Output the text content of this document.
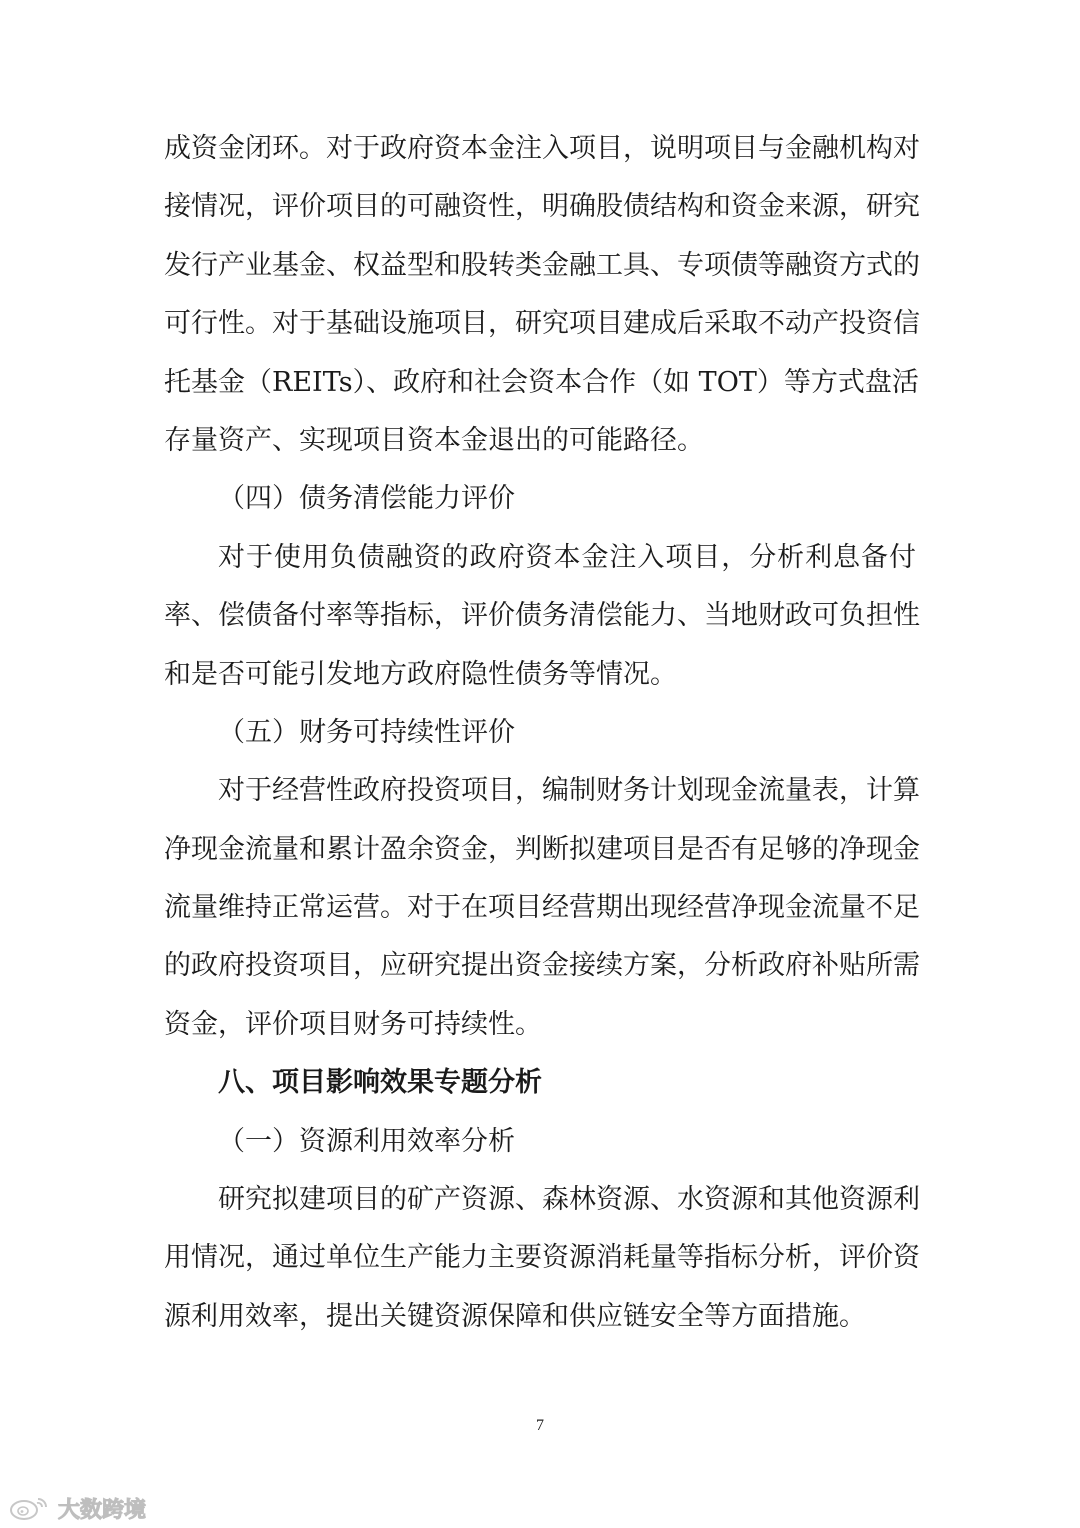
成资金闭环。对于政府资本金注入项目，说明项目与金融机构对
接情况，评价项目的可融资性，明确股债结构和资金来源，研究
发行产业基金、权益型和股转类金融工具、专项债等融资方式的
可行性。对于基础设施项目，研究项目建成后采取不动产投资信
托基金（REITs）、政府和社会资本合作（如 TOT）等方式盘活
存量资产、实现项目资本金退出的可能路径。
（四）债务清偿能力评价
对于使用负债融资的政府资本金注入项目，分析利息备付
率、偿债备付率等指标，评价债务清偿能力、当地财政可负担性
和是否可能引发地方政府隐性债务等情况。
（五）财务可持续性评价
对于经营性政府投资项目，编制财务计划现金流量表，计算
净现金流量和累计盈余资金，判断拟建项目是否有足够的净现金
流量维持正常运营。对于在项目经营期出现经营净现金流量不足
的政府投资项目，应研究提出资金接续方案，分析政府补贴所需
资金，评价项目财务可持续性。
八、项目影响效果专题分析
（一）资源利用效率分析
研究拟建项目的矿产资源、森林资源、水资源和其他资源利
用情况，通过单位生产能力主要资源消耗量等指标分析，评价资
源利用效率，提出关键资源保障和供应链安全等方面措施。
7
大数跨境
